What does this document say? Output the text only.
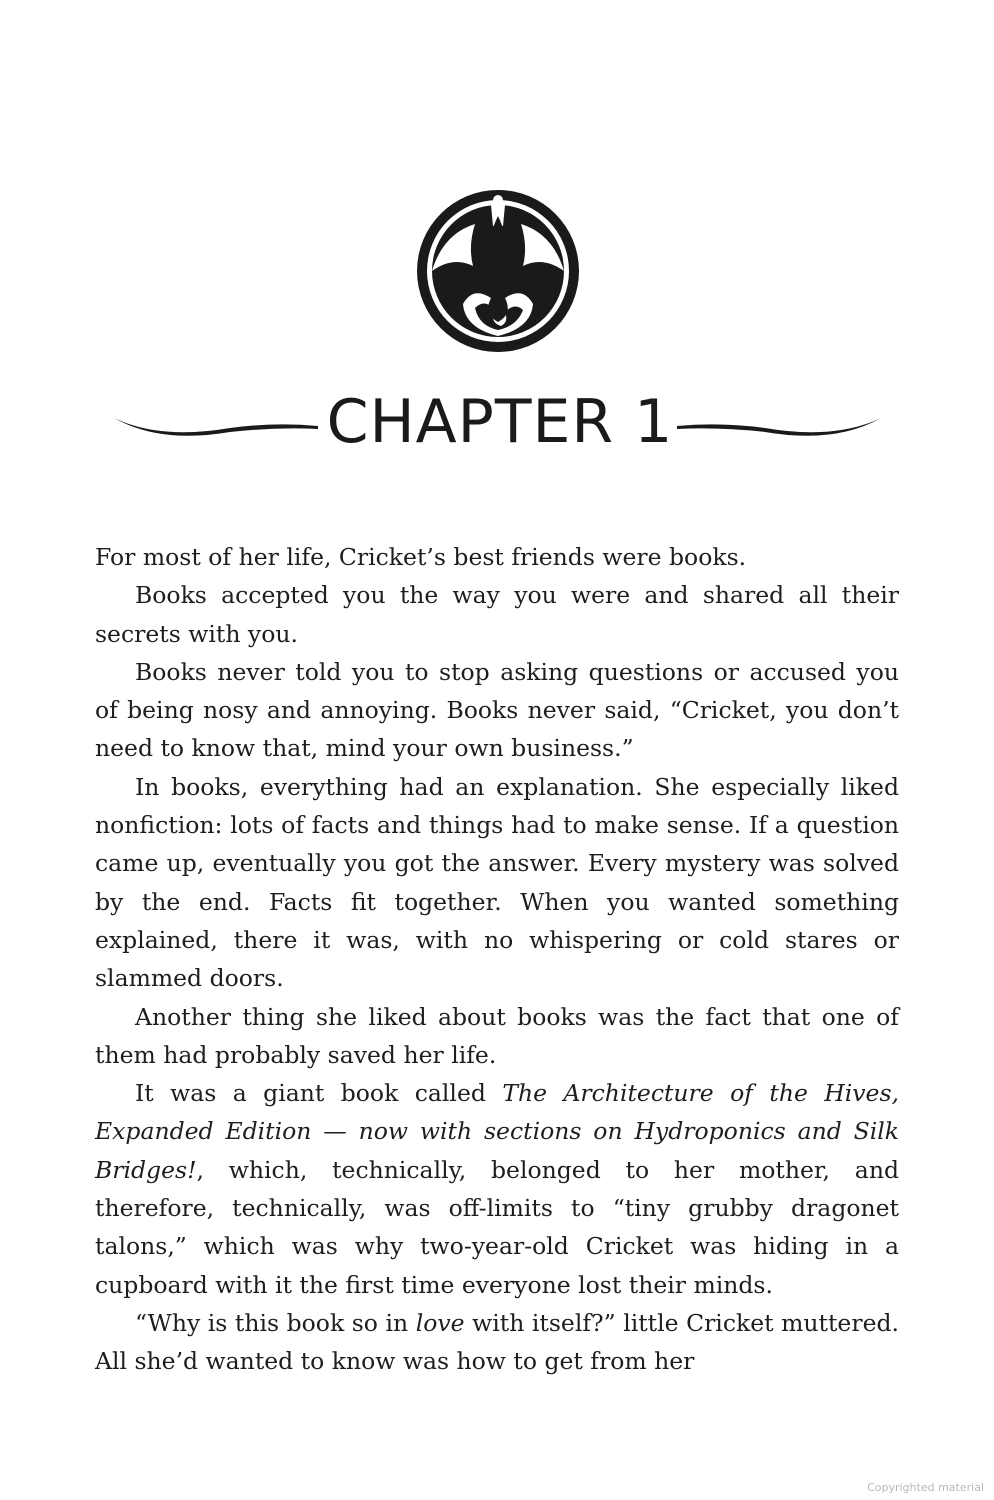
CHAPTER 1

For most of her life, Cricket’s best friends were books.

Books accepted you the way you were and shared all their secrets with you.

Books never told you to stop asking questions or accused you of being nosy and annoying. Books never said, “Cricket, you don’t need to know that, mind your own business.”

In books, everything had an explanation. She especially liked nonfiction: lots of facts and things had to make sense. If a question came up, eventually you got the answer. Every mystery was solved by the end. Facts fit together. When you wanted something explained, there it was, with no whispering or cold stares or slammed doors.

Another thing she liked about books was the fact that one of them had probably saved her life.

It was a giant book called The Architecture of the Hives, Expanded Edition — now with sections on Hydroponics and Silk Bridges!, which, technically, belonged to her mother, and therefore, technically, was off-limits to “tiny grubby dragonet talons,” which was why two-year-old Cricket was hiding in a cupboard with it the first time everyone lost their minds.

“Why is this book so in love with itself?” little Cricket muttered. All she’d wanted to know was how to get from her

Copyrighted material
